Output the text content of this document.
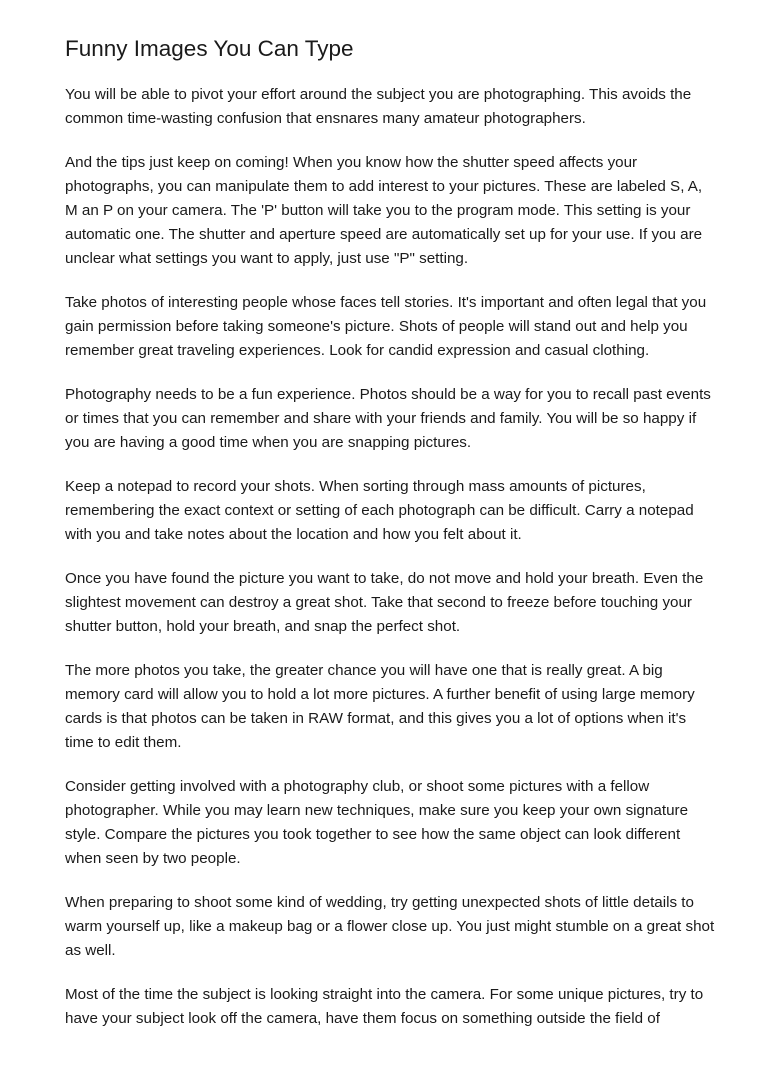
Funny Images You Can Type

You will be able to pivot your effort around the subject you are photographing. This avoids the common time-wasting confusion that ensnares many amateur photographers.

And the tips just keep on coming! When you know how the shutter speed affects your photographs, you can manipulate them to add interest to your pictures. These are labeled S, A, M an P on your camera. The 'P' button will take you to the program mode. This setting is your automatic one. The shutter and aperture speed are automatically set up for your use. If you are unclear what settings you want to apply, just use "P" setting.

Take photos of interesting people whose faces tell stories. It's important and often legal that you gain permission before taking someone's picture. Shots of people will stand out and help you remember great traveling experiences. Look for candid expression and casual clothing.

Photography needs to be a fun experience. Photos should be a way for you to recall past events or times that you can remember and share with your friends and family. You will be so happy if you are having a good time when you are snapping pictures.

Keep a notepad to record your shots. When sorting through mass amounts of pictures, remembering the exact context or setting of each photograph can be difficult. Carry a notepad with you and take notes about the location and how you felt about it.

Once you have found the picture you want to take, do not move and hold your breath. Even the slightest movement can destroy a great shot. Take that second to freeze before touching your shutter button, hold your breath, and snap the perfect shot.

The more photos you take, the greater chance you will have one that is really great. A big memory card will allow you to hold a lot more pictures. A further benefit of using large memory cards is that photos can be taken in RAW format, and this gives you a lot of options when it's time to edit them.

Consider getting involved with a photography club, or shoot some pictures with a fellow photographer. While you may learn new techniques, make sure you keep your own signature style. Compare the pictures you took together to see how the same object can look different when seen by two people.

When preparing to shoot some kind of wedding, try getting unexpected shots of little details to warm yourself up, like a makeup bag or a flower close up. You just might stumble on a great shot as well.

Most of the time the subject is looking straight into the camera. For some unique pictures, try to have your subject look off the camera, have them focus on something outside the field of
